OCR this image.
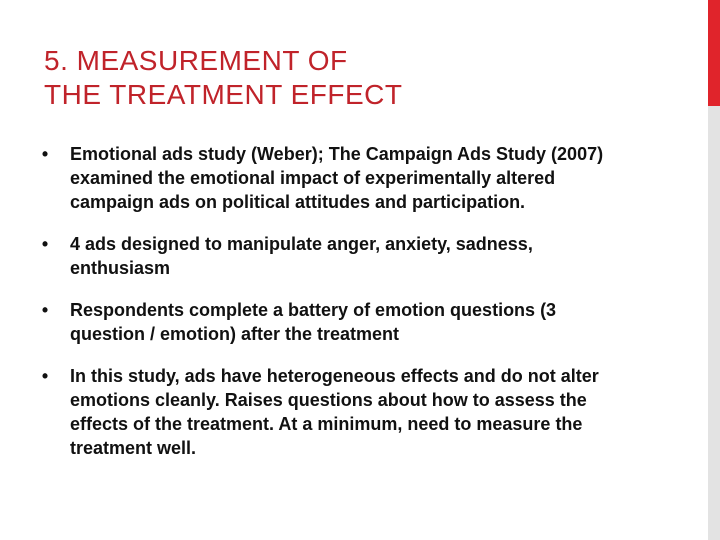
5. MEASUREMENT OF
THE TREATMENT EFFECT
• Emotional ads study (Weber); The Campaign Ads Study (2007) examined the emotional impact of experimentally altered campaign ads on political attitudes and participation.
• 4 ads designed to manipulate anger, anxiety, sadness, enthusiasm
• Respondents complete a battery of emotion questions (3 question / emotion) after the treatment
• In this study, ads have heterogeneous effects and do not alter emotions cleanly. Raises questions about how to assess the effects of the treatment. At a minimum, need to measure the treatment well.
